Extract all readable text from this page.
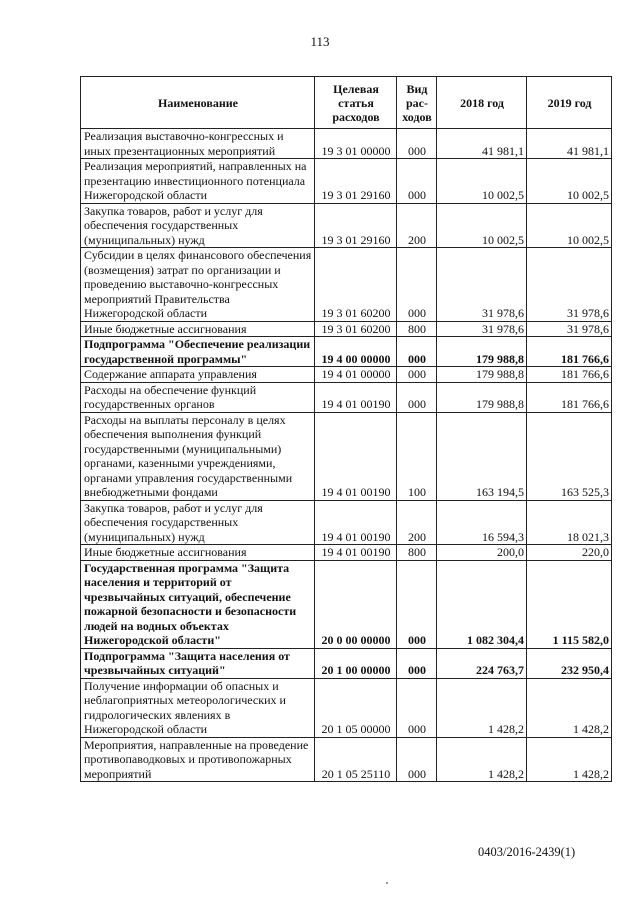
113
Наименование	Целевая статья расходов	Вид рас-ходов	2018 год	2019 год
Реализация выставочно-конгрессных и иных презентационных мероприятий	19 3 01 00000	000	41 981,1	41 981,1
Реализация мероприятий, направленных на презентацию инвестиционного потенциала Нижегородской области	19 3 01 29160	000	10 002,5	10 002,5
Закупка товаров, работ и услуг для обеспечения государственных (муниципальных) нужд	19 3 01 29160	200	10 002,5	10 002,5
Субсидии в целях финансового обеспечения (возмещения) затрат по организации и проведению выставочно-конгрессных мероприятий Правительства Нижегородской области	19 3 01 60200	000	31 978,6	31 978,6
Иные бюджетные ассигнования	19 3 01 60200	800	31 978,6	31 978,6
Подпрограмма "Обеспечение реализации государственной программы"	19 4 00 00000	000	179 988,8	181 766,6
Содержание аппарата управления	19 4 01 00000	000	179 988,8	181 766,6
Расходы на обеспечение функций государственных органов	19 4 01 00190	000	179 988,8	181 766,6
Расходы на выплаты персоналу в целях обеспечения выполнения функций государственными (муниципальными) органами, казенными учреждениями, органами управления государственными внебюджетными фондами	19 4 01 00190	100	163 194,5	163 525,3
Закупка товаров, работ и услуг для обеспечения государственных (муниципальных) нужд	19 4 01 00190	200	16 594,3	18 021,3
Иные бюджетные ассигнования	19 4 01 00190	800	200,0	220,0
Государственная программа "Защита населения и территорий от чрезвычайных ситуаций, обеспечение пожарной безопасности и безопасности людей на водных объектах Нижегородской области"	20 0 00 00000	000	1 082 304,4	1 115 582,0
Подпрограмма "Защита населения от чрезвычайных ситуаций"	20 1 00 00000	000	224 763,7	232 950,4
Получение информации об опасных и неблагоприятных метеорологических и гидрологических явлениях в Нижегородской области	20 1 05 00000	000	1 428,2	1 428,2
Мероприятия, направленные на проведение противопаводковых и противопожарных мероприятий	20 1 05 25110	000	1 428,2	1 428,2
0403/2016-2439(1)
